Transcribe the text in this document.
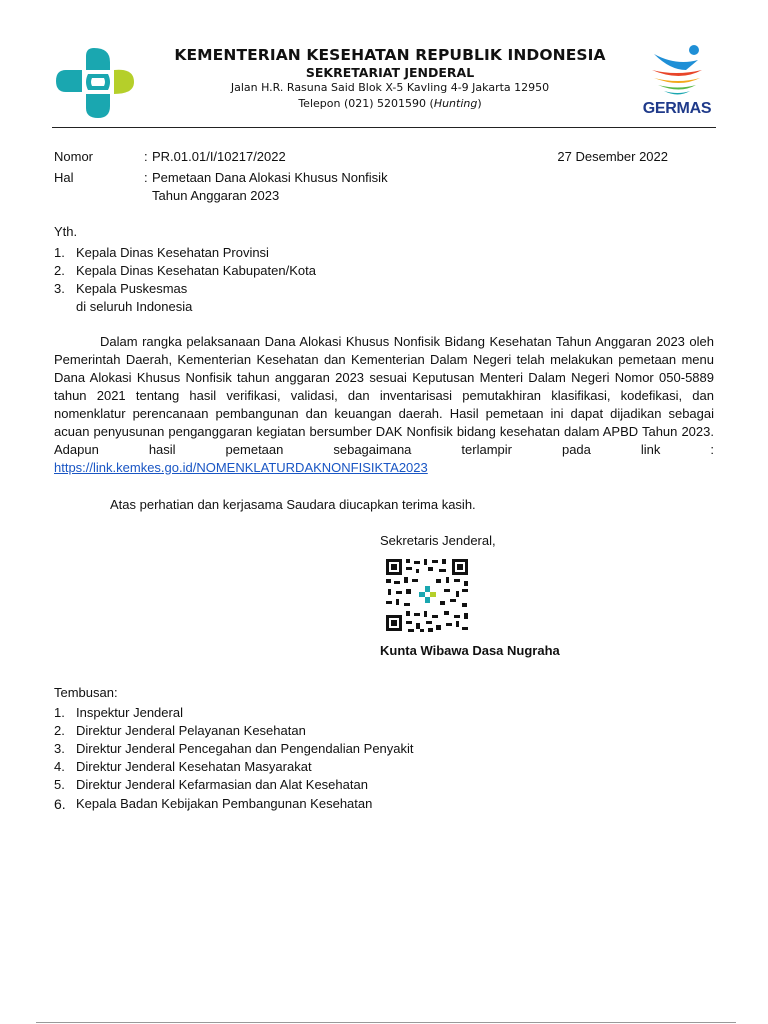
KEMENTERIAN KESEHATAN REPUBLIK INDONESIA
SEKRETARIAT JENDERAL
Jalan H.R. Rasuna Said Blok X-5 Kavling 4-9 Jakarta 12950
Telepon (021) 5201590 (Hunting)	GERMAS
Nomor	: PR.01.01/I/10217/2022	27 Desember 2022
Hal	: Pemetaan Dana Alokasi Khusus Nonfisik
Tahun Anggaran 2023
Yth.
1. Kepala Dinas Kesehatan Provinsi
2. Kepala Dinas Kesehatan Kabupaten/Kota
3. Kepala Puskesmas
di seluruh Indonesia
Dalam rangka pelaksanaan Dana Alokasi Khusus Nonfisik Bidang Kesehatan Tahun Anggaran 2023 oleh Pemerintah Daerah, Kementerian Kesehatan dan Kementerian Dalam Negeri telah melakukan pemetaan menu Dana Alokasi Khusus Nonfisik tahun anggaran 2023 sesuai Keputusan Menteri Dalam Negeri Nomor 050-5889 tahun 2021 tentang hasil verifikasi, validasi, dan inventarisasi pemutakhiran klasifikasi, kodefikasi, dan nomenklatur perencanaan pembangunan dan keuangan daerah. Hasil pemetaan ini dapat dijadikan sebagai acuan penyusunan penganggaran kegiatan bersumber DAK Nonfisik bidang kesehatan dalam APBD Tahun 2023. Adapun hasil pemetaan sebagaimana terlampir pada link : https://link.kemkes.go.id/NOMENKLATURDAKNONFISIKTA2023
Atas perhatian dan kerjasama Saudara diucapkan terima kasih.
Sekretaris Jenderal,
Kunta Wibawa Dasa Nugraha
Tembusan:
1. Inspektur Jenderal
2. Direktur Jenderal Pelayanan Kesehatan
3. Direktur Jenderal Pencegahan dan Pengendalian Penyakit
4. Direktur Jenderal Kesehatan Masyarakat
5. Direktur Jenderal Kefarmasian dan Alat Kesehatan
6. Kepala Badan Kebijakan Pembangunan Kesehatan
